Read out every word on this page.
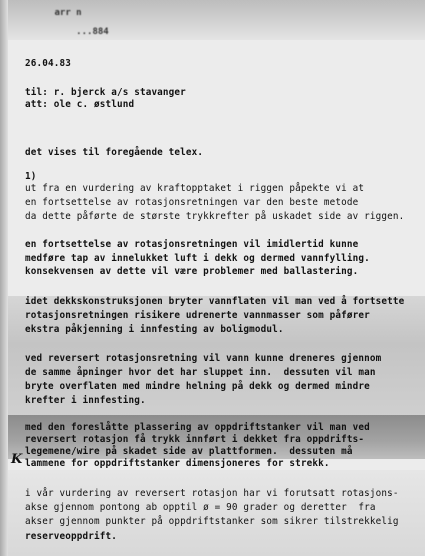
arr n
...884
26.04.83
til: r. bjerck a/s stavanger
att: ole c. østlund
det vises til foregående telex.
1)
ut fra en vurdering av kraftopptaket i riggen påpekte vi at
en fortsettelse av rotasjonsretningen var den beste metode
da dette påførte de største trykkrefter på uskadet side av riggen.
en fortsettelse av rotasjonsretningen vil imidlertid kunne
medføre tap av innelukket luft i dekk og dermed vannfylling.
konsekvensen av dette vil være problemer med ballastering.
idet dekkskonstruksjonen bryter vannflaten vil man ved å fortsette
rotasjonsretningen risikere udrenerte vannmasser som påfører
ekstra påkjenning i innfesting av boligmodul.
ved reversert rotasjonsretning vil vann kunne dreneres gjennom
de samme åpninger hvor det har sluppet inn.  dessuten vil man
bryte overflaten med mindre helning på dekk og dermed mindre
krefter i innfesting.
med den foreslåtte plassering av oppdriftstanker vil man ved
reversert rotasjon få trykk innført i dekket fra oppdrifts-
legemene/wire på skadet side av plattformen.  dessuten må
lammene for oppdriftstanker dimensjoneres for strekk.
K
i vår vurdering av reversert rotasjon har vi forutsatt rotasjons-
akse gjennom pontong ab opptil ø = 90 grader og deretter  fra
akser gjennom punkter på oppdriftstanker som sikrer tilstrekkelig
reserveoppdrift.
